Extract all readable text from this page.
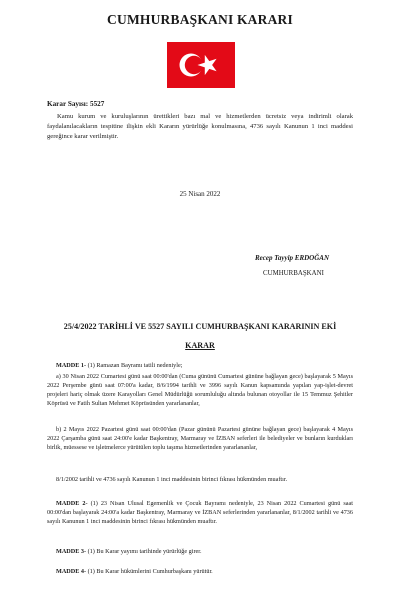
CUMHURBAŞKANI KARARI
Karar Sayısı: 5527
Kamu kurum ve kuruluşlarının ürettikleri bazı mal ve hizmetlerden ücretsiz veya indirimli olarak faydalanılacakların tespitine ilişkin ekli Kararın yürürlüğe konulmasına, 4736 sayılı Kanunun 1 inci maddesi gereğince karar verilmiştir.
25 Nisan 2022
Recep Tayyip ERDOĞAN
CUMHURBAŞKANI
25/4/2022 TARİHLİ VE 5527 SAYILI CUMHURBAŞKANI KARARININ EKİ
KARAR
MADDE 1- (1) Ramazan Bayramı tatili nedeniyle;
a) 30 Nisan 2022 Cumartesi günü saat 00:00'dan (Cuma gününü Cumartesi gününe bağlayan gece) başlayarak 5 Mayıs 2022 Perşembe günü saat 07:00'a kadar, 8/6/1994 tarihli ve 3996 sayılı Kanun kapsamında yapılan yap-işlet-devret projeleri hariç olmak üzere Karayolları Genel Müdürlüğü sorumluluğu altında bulunan otoyollar ile 15 Temmuz Şehitler Köprüsü ve Fatih Sultan Mehmet Köprüsünden yararlananlar,
b) 2 Mayıs 2022 Pazartesi günü saat 00:00'dan (Pazar gününü Pazartesi gününe bağlayan gece) başlayarak 4 Mayıs 2022 Çarşamba günü saat 24:00'e kadar Başkentray, Marmaray ve İZBAN seferleri ile belediyeler ve bunların kurdukları birlik, müessese ve işletmelerce yürütülen toplu taşıma hizmetlerinden yararlananlar,
8/1/2002 tarihli ve 4736 sayılı Kanunun 1 inci maddesinin birinci fıkrası hükmünden muaftır.
MADDE 2- (1) 23 Nisan Ulusal Egemenlik ve Çocuk Bayramı nedeniyle, 23 Nisan 2022 Cumartesi günü saat 00:00'dan başlayarak 24:00'a kadar Başkentray, Marmaray ve İZBAN seferlerinden yararlananlar, 8/1/2002 tarihli ve 4736 sayılı Kanunun 1 inci maddesinin birinci fıkrası hükmünden muaftır.
MADDE 3- (1) Bu Karar yayımı tarihinde yürürlüğe girer.
MADDE 4- (1) Bu Karar hükümlerini Cumhurbaşkanı yürütür.
